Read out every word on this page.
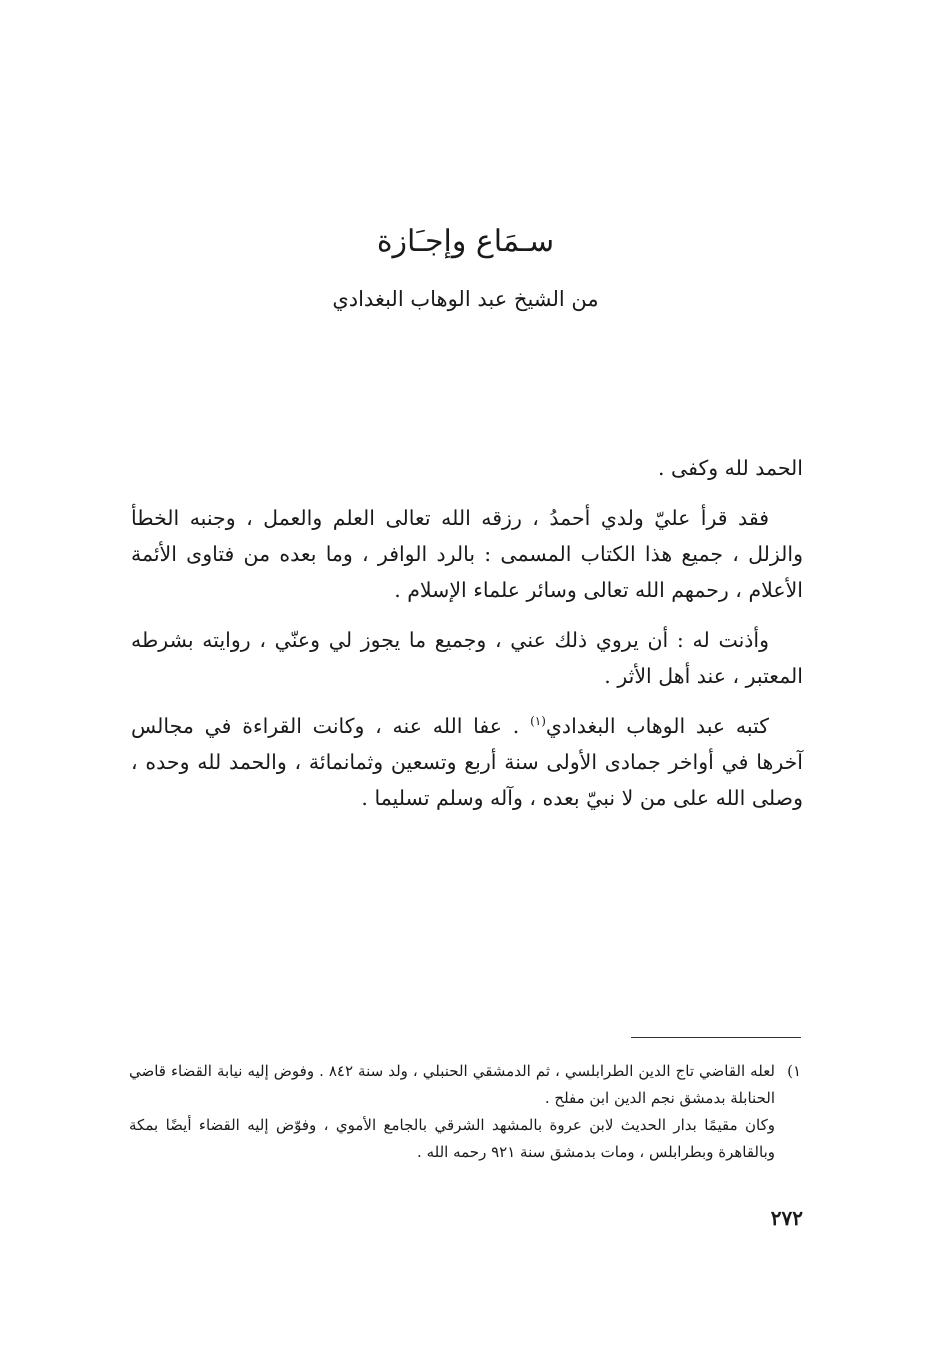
سـمَاع وإجـَازة
من الشيخ عبد الوهاب البغدادي

الحمد لله وكفى .

فقد قرأ عليّ ولدي أحمدُ ، رزقه الله تعالى العلم والعمل ، وجنبه الخطأ والزلل ، جميع هذا الكتاب المسمى : بالرد الوافر ، وما بعده من فتاوى الأئمة الأعلام ، رحمهم الله تعالى وسائر علماء الإسلام .

وأذنت له : أن يروي ذلك عني ، وجميع ما يجوز لي وعنّي ، روايته بشرطه المعتبر ، عند أهل الأثر .

كتبه عبد الوهاب البغدادي$^{(١)}$ . عفا الله عنه ، وكانت القراءة في مجالس آخرها في أواخر جمادى الأولى سنة أربع وتسعين وثمانمائة ، والحمد لله وحده ، وصلى الله على من لا نبيّ بعده ، وآله وسلم تسليما .

١)

لعله القاضي تاج الدين الطرابلسي ، ثم الدمشقي الحنبلي ، ولد سنة ٨٤٢ . وفوض إليه نيابة القضاء قاضي الحنابلة بدمشق نجم الدين ابن مفلح .

وكان مقيمًا بدار الحديث لابن عروة بالمشهد الشرقي بالجامع الأموي ، وفوّض إليه القضاء أيضًا بمكة وبالقاهرة وبطرابلس ، ومات بدمشق سنة ٩٢١ رحمه الله .

٢٧٢
